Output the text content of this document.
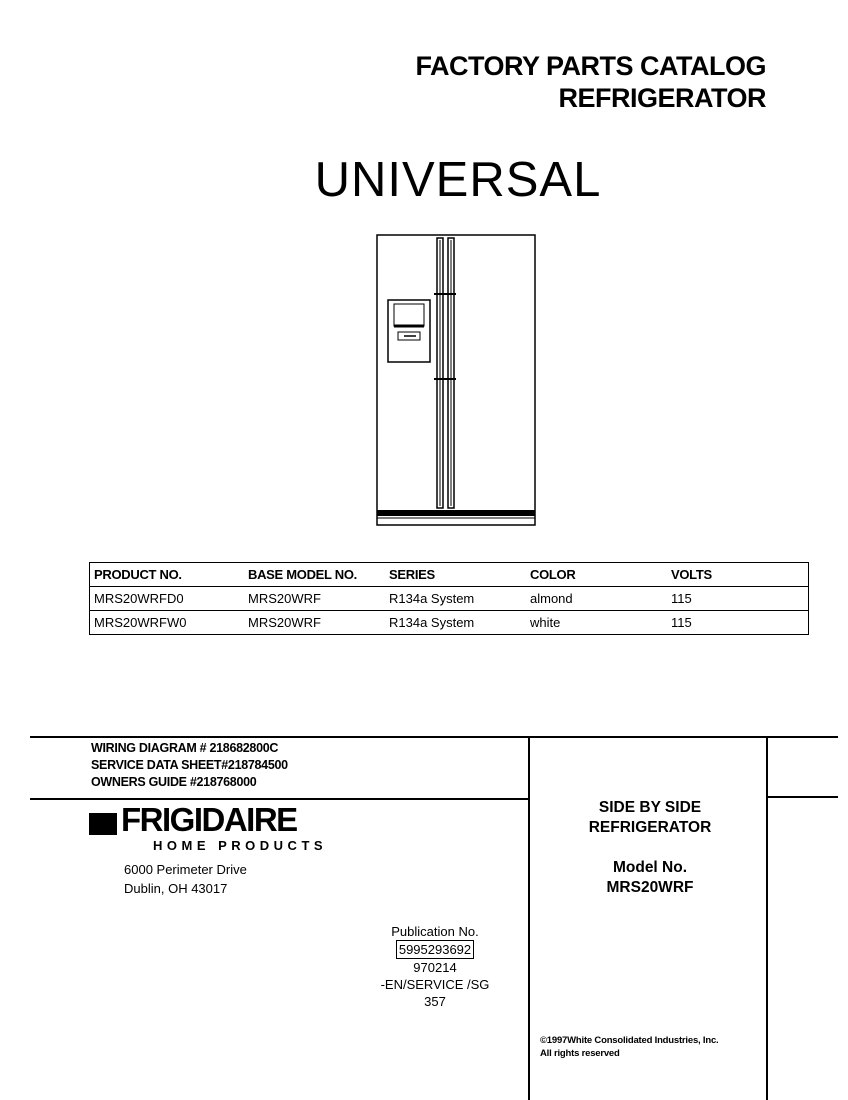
FACTORY PARTS CATALOG
REFRIGERATOR
UNIVERSAL
PRODUCT NO.	BASE MODEL NO.	SERIES	COLOR	VOLTS
MRS20WRFD0	MRS20WRF	R134a System	almond	115
MRS20WRFW0	MRS20WRF	R134a System	white	115
WIRING DIAGRAM # 218682800C
SERVICE DATA SHEET#218784500
OWNERS GUIDE #218768000
FRIGIDAIRE
HOME PRODUCTS
6000 Perimeter Drive
Dublin, OH 43017
SIDE BY SIDE
REFRIGERATOR
Model No.
MRS20WRF
Publication No.
5995293692
970214
-EN/SERVICE /SG
357
©1997White Consolidated Industries, Inc.
All rights reserved
